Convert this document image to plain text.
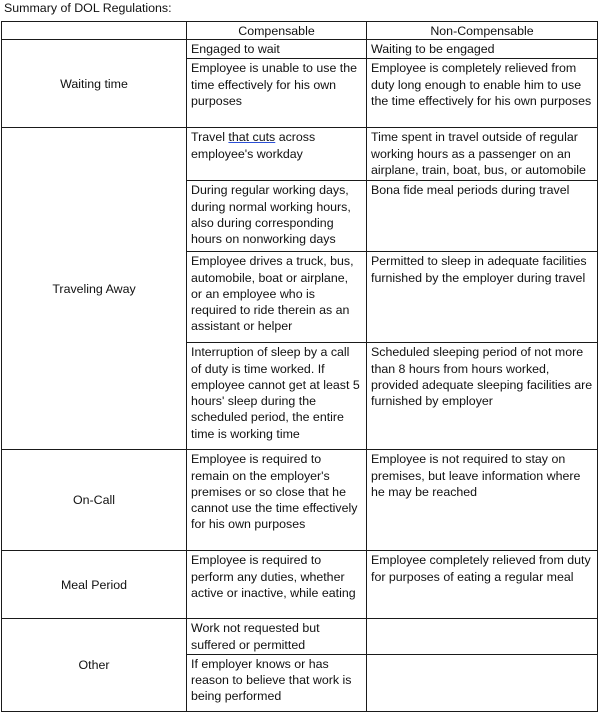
Summary of DOL Regulations:
	Compensable	Non-Compensable
Waiting time	Engaged to wait	Waiting to be engaged
	Employee is unable to use the time effectively for his own purposes	Employee is completely relieved from duty long enough to enable him to use the time effectively for his own purposes
Traveling Away	Travel that cuts across employee's workday	Time spent in travel outside of regular working hours as a passenger on an airplane, train, boat, bus, or automobile
	During regular working days, during normal working hours, also during corresponding hours on nonworking days	Bona fide meal periods during travel
	Employee drives a truck, bus, automobile, boat or airplane, or an employee who is required to ride therein as an assistant or helper	Permitted to sleep in adequate facilities furnished by the employer during travel
	Interruption of sleep by a call of duty is time worked. If employee cannot get at least 5 hours' sleep during the scheduled period, the entire time is working time	Scheduled sleeping period of not more than 8 hours from hours worked, provided adequate sleeping facilities are furnished by employer
On-Call	Employee is required to remain on the employer's premises or so close that he cannot use the time effectively for his own purposes	Employee is not required to stay on premises, but leave information where he may be reached
Meal Period	Employee is required to perform any duties, whether active or inactive, while eating	Employee completely relieved from duty for purposes of eating a regular meal
Other	Work not requested but suffered or permitted	
	If employer knows or has reason to believe that work is being performed	
